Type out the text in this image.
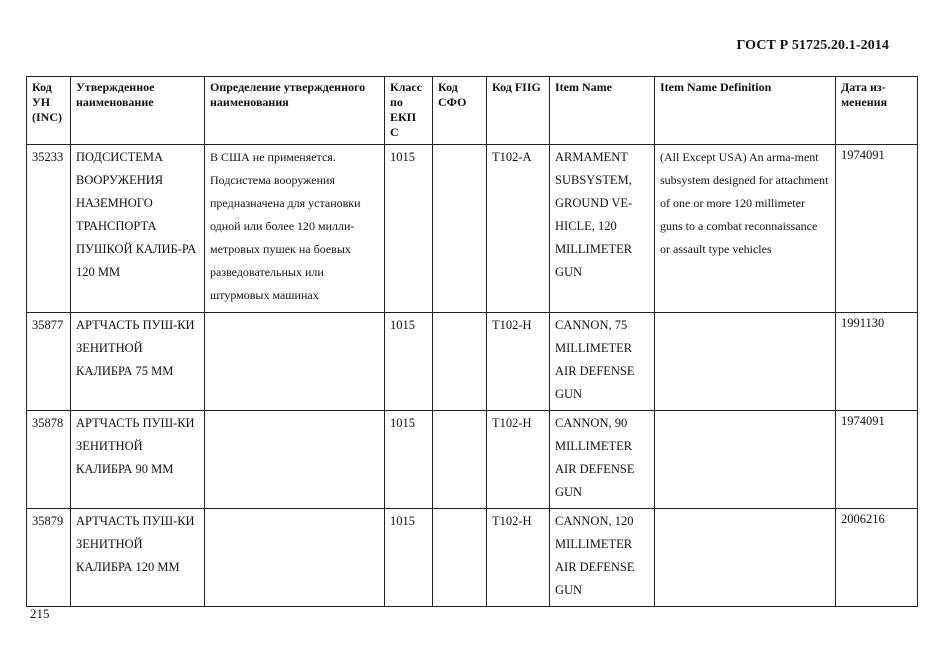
ГОСТ Р 51725.20.1-2014
Код УН (INC)	Утвержденное наименование	Определение утвержденного наименования	Класс по ЕКП С	Код СФО	Код FIIG	Item Name	Item Name Definition	Дата из-менения
35233	ПОДСИСТЕМА ВООРУЖЕНИЯ НАЗЕМНОГО ТРАНСПОРТА ПУШКОЙ КАЛИБ-РА 120 ММ	В США не применяется. Подсистема вооружения предназначена для установки одной или более 120 милли-метровых пушек на боевых разведовательных или штурмовых машинах	1015		T102-A	ARMAMENT SUBSYSTEM, GROUND VE-HICLE, 120 MILLIMETER GUN	(All Except USA) An arma-ment subsystem designed for attachment of one or more 120 millimeter guns to a combat reconnaissance or assault type vehicles	1974091
35877	АРТЧАСТЬ ПУШ-КИ ЗЕНИТНОЙ КАЛИБРА 75 ММ		1015		T102-H	CANNON, 75 MILLIMETER AIR DEFENSE GUN		1991130
35878	АРТЧАСТЬ ПУШ-КИ ЗЕНИТНОЙ КАЛИБРА 90 ММ		1015		T102-H	CANNON, 90 MILLIMETER AIR DEFENSE GUN		1974091
35879	АРТЧАСТЬ ПУШ-КИ ЗЕНИТНОЙ КАЛИБРА 120 ММ		1015		T102-H	CANNON, 120 MILLIMETER AIR DEFENSE GUN		2006216
215
